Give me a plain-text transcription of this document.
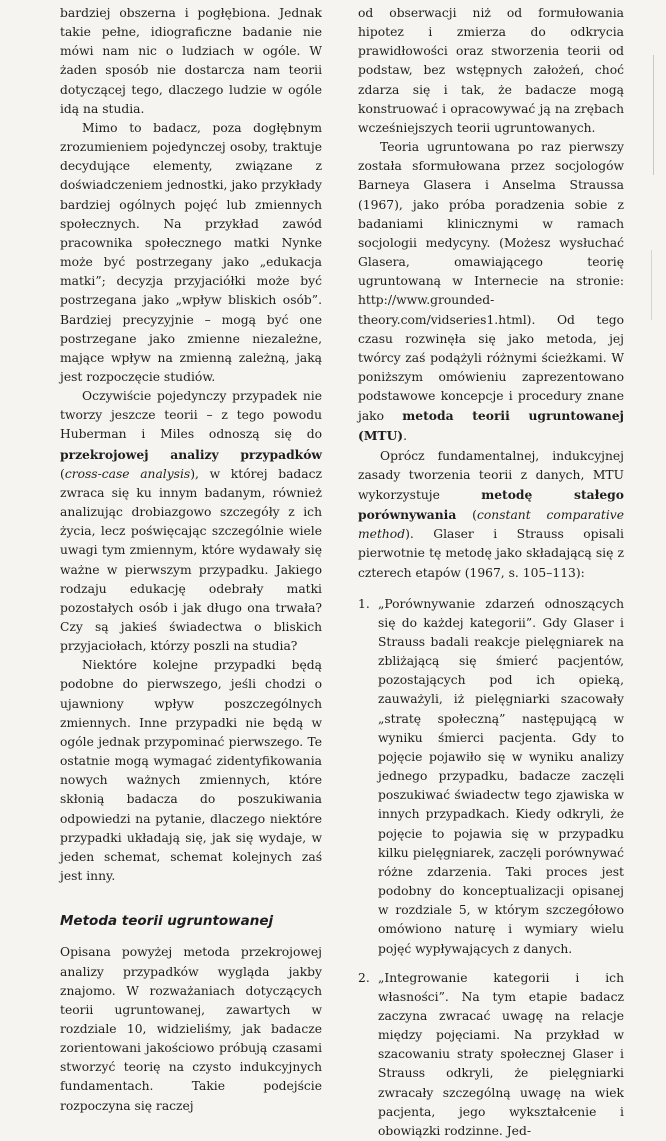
bardziej obszerna i pogłębiona. Jednak takie pełne, idiograficzne badanie nie mówi nam nic o ludziach w ogóle. W żaden sposób nie dostarcza nam teorii dotyczącej tego, dlaczego ludzie w ogóle idą na studia.

Mimo to badacz, poza dogłębnym zrozumieniem pojedynczej osoby, traktuje decydujące elementy, związane z doświadczeniem jednostki, jako przykłady bardziej ogólnych pojęć lub zmiennych społecznych. Na przykład zawód pracownika społecznego matki Nynke może być postrzegany jako „edukacja matki”; decyzja przyjaciółki może być postrzegana jako „wpływ bliskich osób”. Bardziej precyzyjnie – mogą być one postrzegane jako zmienne niezależne, mające wpływ na zmienną zależną, jaką jest rozpoczęcie studiów.

Oczywiście pojedynczy przypadek nie tworzy jeszcze teorii – z tego powodu Huberman i Miles odnoszą się do przekrojowej analizy przypadków (cross-case analysis), w której badacz zwraca się ku innym badanym, również analizując drobiazgowo szczegóły z ich życia, lecz poświęcając szczególnie wiele uwagi tym zmiennym, które wydawały się ważne w pierwszym przypadku. Jakiego rodzaju edukację odebrały matki pozostałych osób i jak długo ona trwała? Czy są jakieś świadectwa o bliskich przyjaciołach, którzy poszli na studia?

Niektóre kolejne przypadki będą podobne do pierwszego, jeśli chodzi o ujawniony wpływ poszczególnych zmiennych. Inne przypadki nie będą w ogóle jednak przypominać pierwszego. Te ostatnie mogą wymagać zidentyfikowania nowych ważnych zmiennych, które skłonią badacza do poszukiwania odpowiedzi na pytanie, dlaczego niektóre przypadki układają się, jak się wydaje, w jeden schemat, schemat kolejnych zaś jest inny.

Metoda teorii ugruntowanej

Opisana powyżej metoda przekrojowej analizy przypadków wygląda jakby znajomo. W rozważaniach dotyczących teorii ugruntowanej, zawartych w rozdziale 10, widzieliśmy, jak badacze zorientowani jakościowo próbują czasami stworzyć teorię na czysto indukcyjnych fundamentach. Takie podejście rozpoczyna się raczej

od obserwacji niż od formułowania hipotez i zmierza do odkrycia prawidłowości oraz stworzenia teorii od podstaw, bez wstępnych założeń, choć zdarza się i tak, że badacze mogą konstruować i opracowywać ją na zrębach wcześniejszych teorii ugruntowanych.

Teoria ugruntowana po raz pierwszy została sformułowana przez socjologów Barneya Glasera i Anselma Straussa (1967), jako próba poradzenia sobie z badaniami klinicznymi w ramach socjologii medycyny. (Możesz wysłuchać Glasera, omawiającego teorię ugruntowaną w Internecie na stronie: http://www.grounded-theory.com/vidseries1.html). Od tego czasu rozwinęła się jako metoda, jej twórcy zaś podążyli różnymi ścieżkami. W poniższym omówieniu zaprezentowano podstawowe koncepcje i procedury znane jako metoda teorii ugruntowanej (MTU).

Oprócz fundamentalnej, indukcyjnej zasady tworzenia teorii z danych, MTU wykorzystuje metodę stałego porównywania (constant comparative method). Glaser i Strauss opisali pierwotnie tę metodę jako składającą się z czterech etapów (1967, s. 105–113):

1. „Porównywanie zdarzeń odnoszących się do każdej kategorii”. Gdy Glaser i Strauss badali reakcje pielęgniarek na zbliżającą się śmierć pacjentów, pozostających pod ich opieką, zauważyli, iż pielęgniarki szacowały „stratę społeczną” następującą w wyniku śmierci pacjenta. Gdy to pojęcie pojawiło się w wyniku analizy jednego przypadku, badacze zaczęli poszukiwać świadectw tego zjawiska w innych przypadkach. Kiedy odkryli, że pojęcie to pojawia się w przypadku kilku pielęgniarek, zaczęli porównywać różne zdarzenia. Taki proces jest podobny do konceptualizacji opisanej w rozdziale 5, w którym szczegółowo omówiono naturę i wymiary wielu pojęć wypływających z danych.
2. „Integrowanie kategorii i ich własności”. Na tym etapie badacz zaczyna zwracać uwagę na relacje między pojęciami. Na przykład w szacowaniu straty społecznej Glaser i Strauss odkryli, że pielęgniarki zwracały szczególną uwagę na wiek pacjenta, jego wykształcenie i obowiązki rodzinne. Jed-
